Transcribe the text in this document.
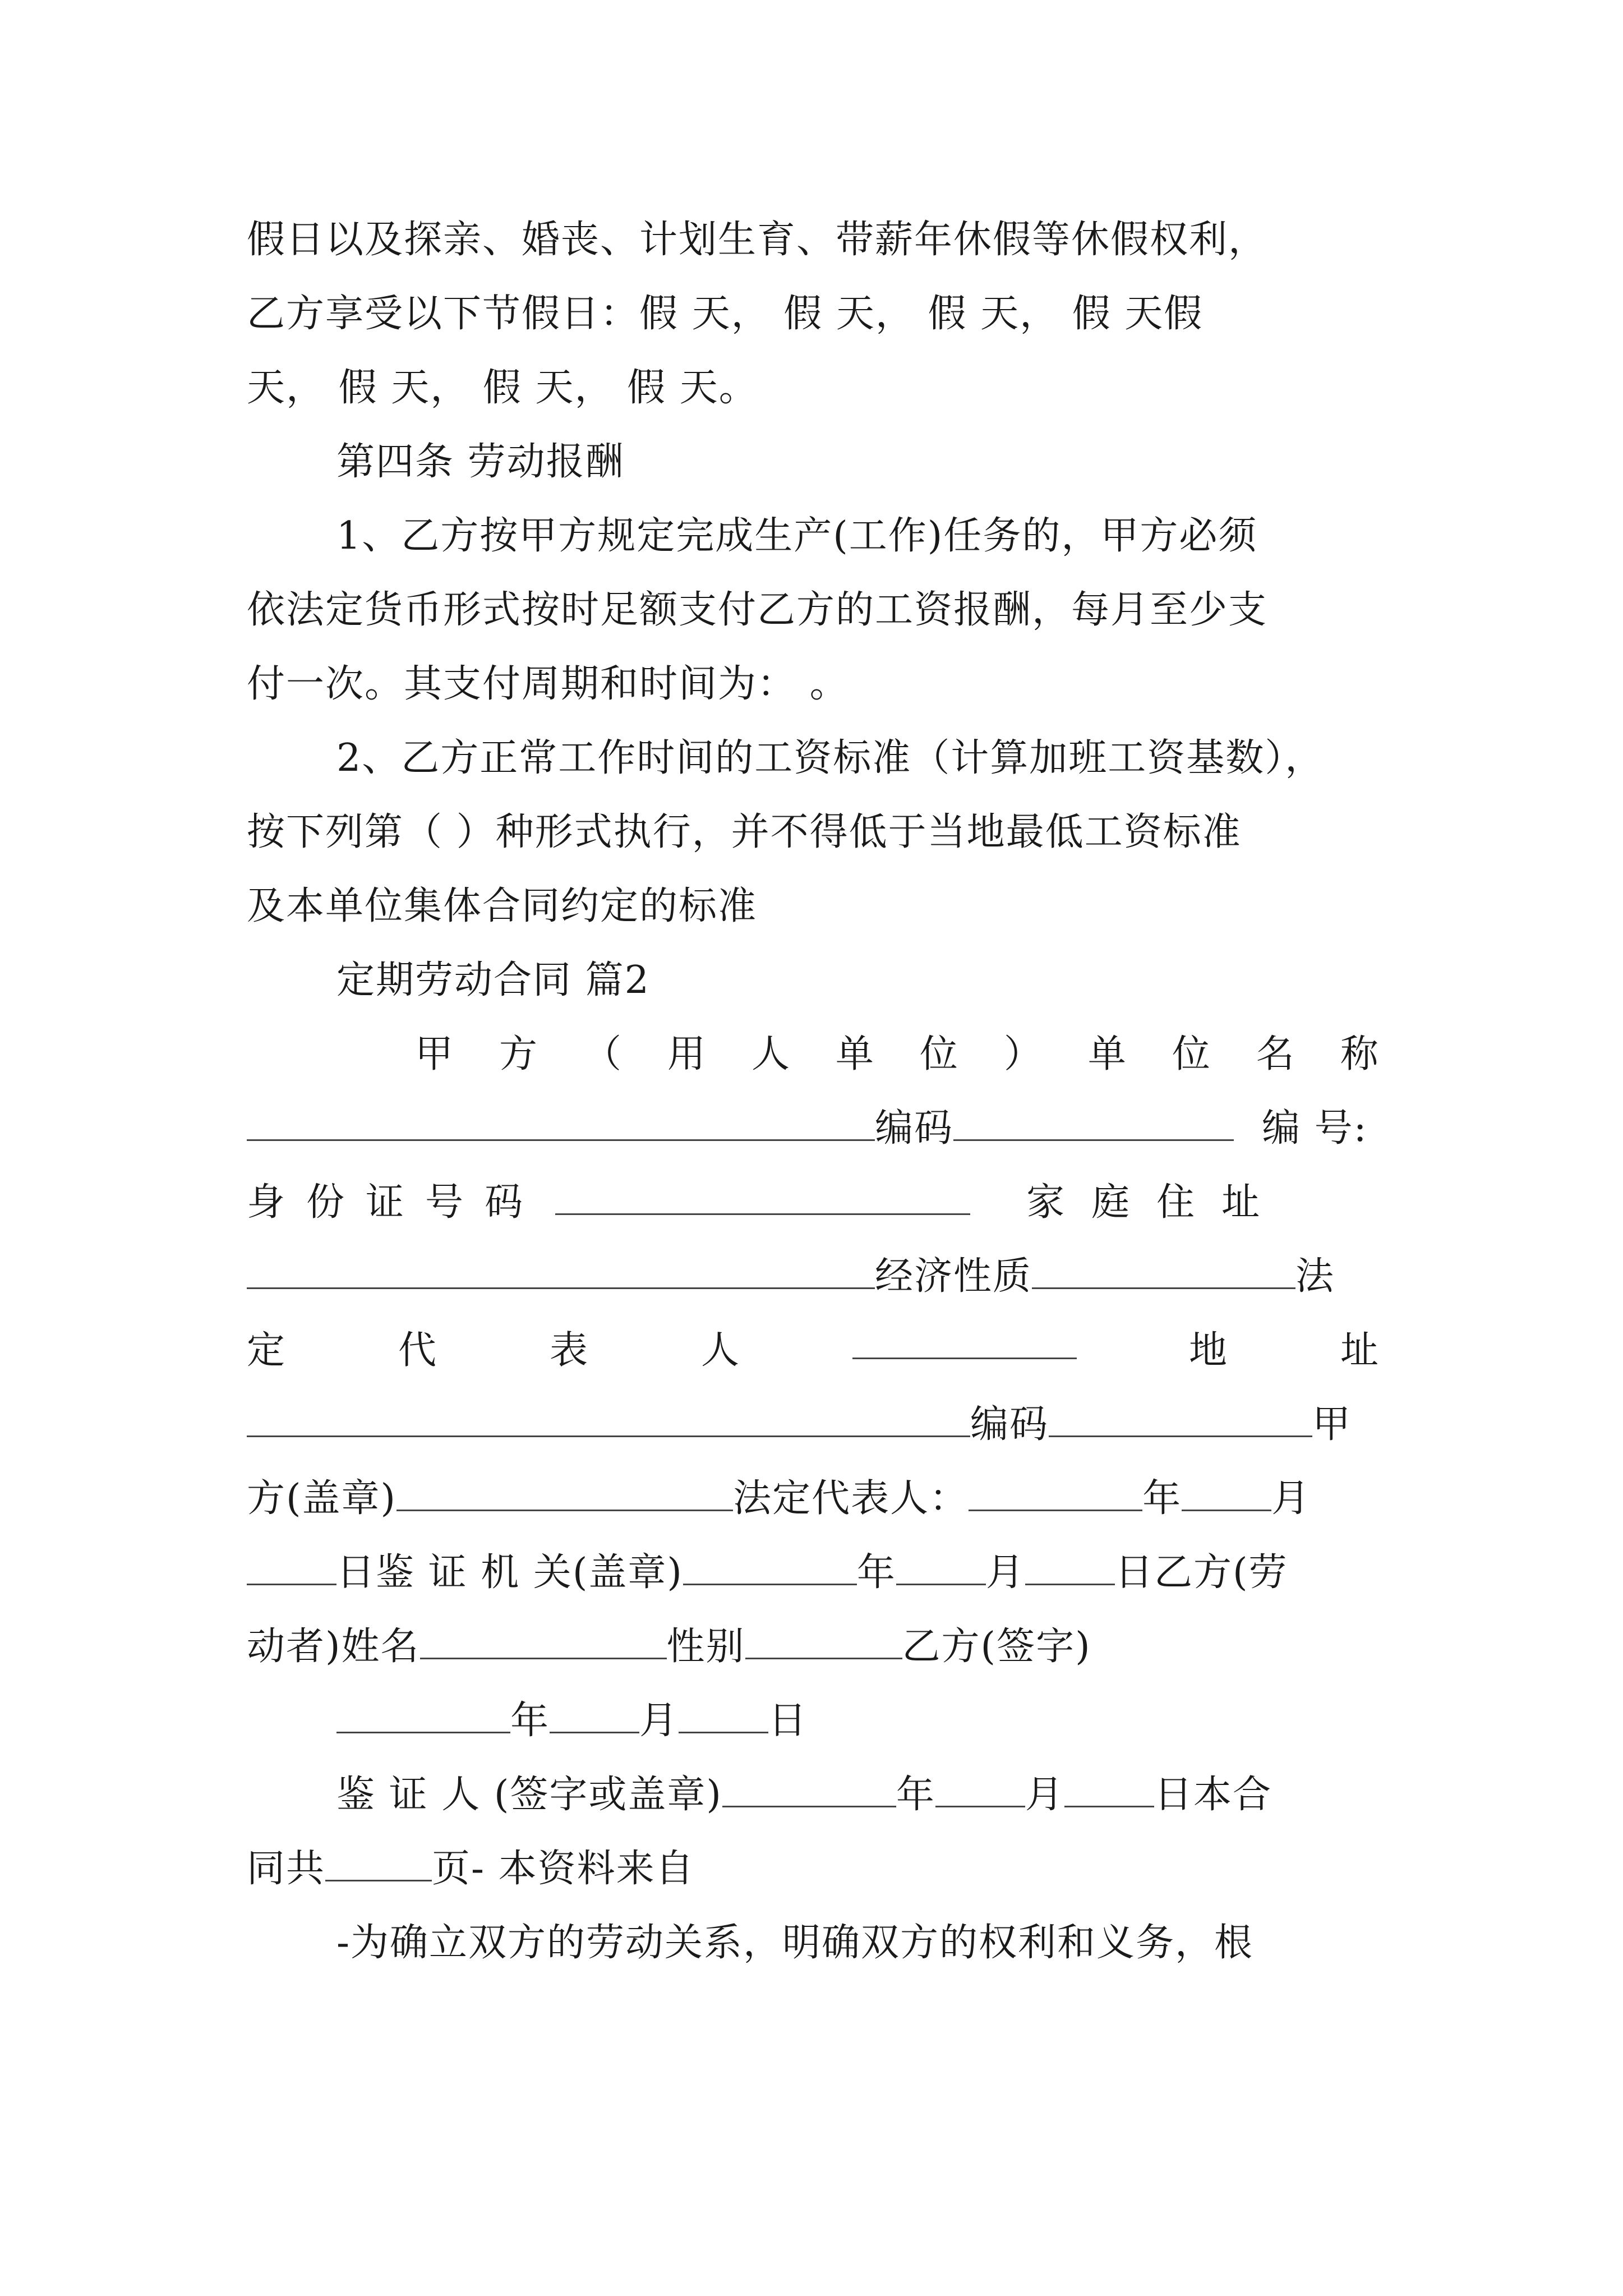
假日以及探亲、婚丧、计划生育、带薪年休假等休假权利，
乙方享受以下节假日：假 天， 假 天， 假 天， 假 天假
天， 假 天， 假 天， 假 天。
第四条 劳动报酬
1、乙方按甲方规定完成生产(工作)任务的，甲方必须
依法定货币形式按时足额支付乙方的工资报酬，每月至少支
付一次。其支付周期和时间为： 。
2、乙方正常工作时间的工资标准（计算加班工资基数），
按下列第（ ）种形式执行，并不得低于当地最低工资标准
及本单位集体合同约定的标准
定期劳动合同 篇2
甲 方 （ 用 人 单 位 ） 单 位 名 称
编码	编 号:
身份证号码	家庭住址
经济性质	法
定	代	表	人	地	址
编码	甲
方(盖章)	法定代表人：	年 月
日鉴 证 机 关(盖章)	年 月 日乙方(劳
动者)姓名	性别	乙方(签字)
年 月 日
鉴 证 人 (签字或盖章)	年 月 日本合
同共	页- 本资料来自
-为确立双方的劳动关系，明确双方的权利和义务，根
